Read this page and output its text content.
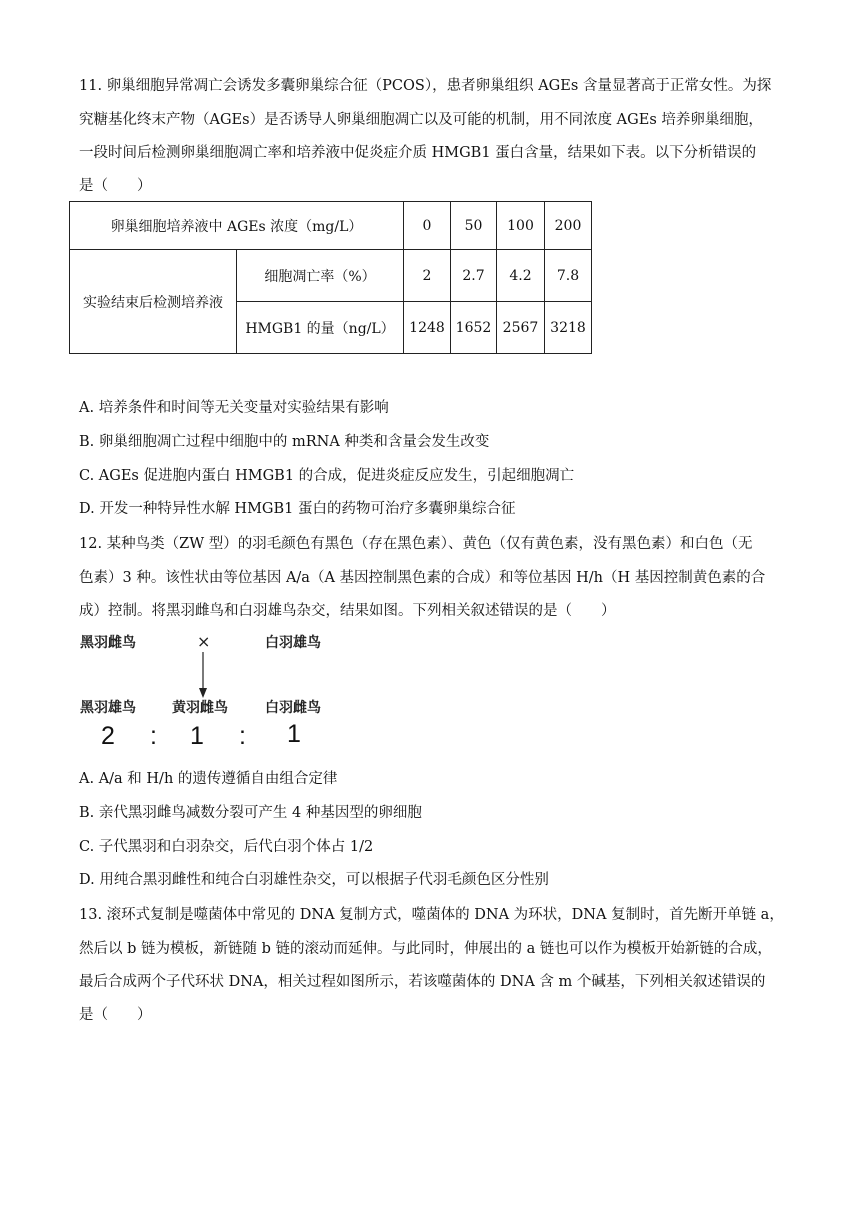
11. 卵巢细胞异常凋亡会诱发多囊卵巢综合征（PCOS），患者卵巢组织 AGEs 含量显著高于正常女性。为探

究糖基化终末产物（AGEs）是否诱导人卵巢细胞凋亡以及可能的机制，用不同浓度 AGEs 培养卵巢细胞，

一段时间后检测卵巢细胞凋亡率和培养液中促炎症介质 HMGB1 蛋白含量，结果如下表。以下分析错误的

是（　　）

卵巢细胞培养液中 AGEs 浓度（mg/L）		0	50	100	200
实验结束后检测培养液	细胞凋亡率（%）	2	2.7	4.2	7.8
	HMGB1 的量（ng/L）	1248	1652	2567	3218

A. 培养条件和时间等无关变量对实验结果有影响

B. 卵巢细胞凋亡过程中细胞中的 mRNA 种类和含量会发生改变

C. AGEs 促进胞内蛋白 HMGB1 的合成，促进炎症反应发生，引起细胞凋亡

D. 开发一种特异性水解 HMGB1 蛋白的药物可治疗多囊卵巢综合征

12. 某种鸟类（ZW 型）的羽毛颜色有黑色（存在黑色素）、黄色（仅有黄色素，没有黑色素）和白色（无

色素）3 种。该性状由等位基因 A/a（A 基因控制黑色素的合成）和等位基因 H/h（H 基因控制黄色素的合

成）控制。将黑羽雌鸟和白羽雄鸟杂交，结果如图。下列相关叙述错误的是（　　）

黑羽雌鸟	×	白羽雄鸟
黑羽雄鸟	黄羽雌鸟	白羽雌鸟
2 : 1 : 1

A. A/a 和 H/h 的遗传遵循自由组合定律

B. 亲代黑羽雌鸟减数分裂可产生 4 种基因型的卵细胞

C. 子代黑羽和白羽杂交，后代白羽个体占 1/2

D. 用纯合黑羽雌性和纯合白羽雄性杂交，可以根据子代羽毛颜色区分性别

13. 滚环式复制是噬菌体中常见的 DNA 复制方式，噬菌体的 DNA 为环状，DNA 复制时，首先断开单链 a，

然后以 b 链为模板，新链随 b 链的滚动而延伸。与此同时，伸展出的 a 链也可以作为模板开始新链的合成，

最后合成两个子代环状 DNA，相关过程如图所示，若该噬菌体的 DNA 含 m 个碱基，下列相关叙述错误的

是（　　）
